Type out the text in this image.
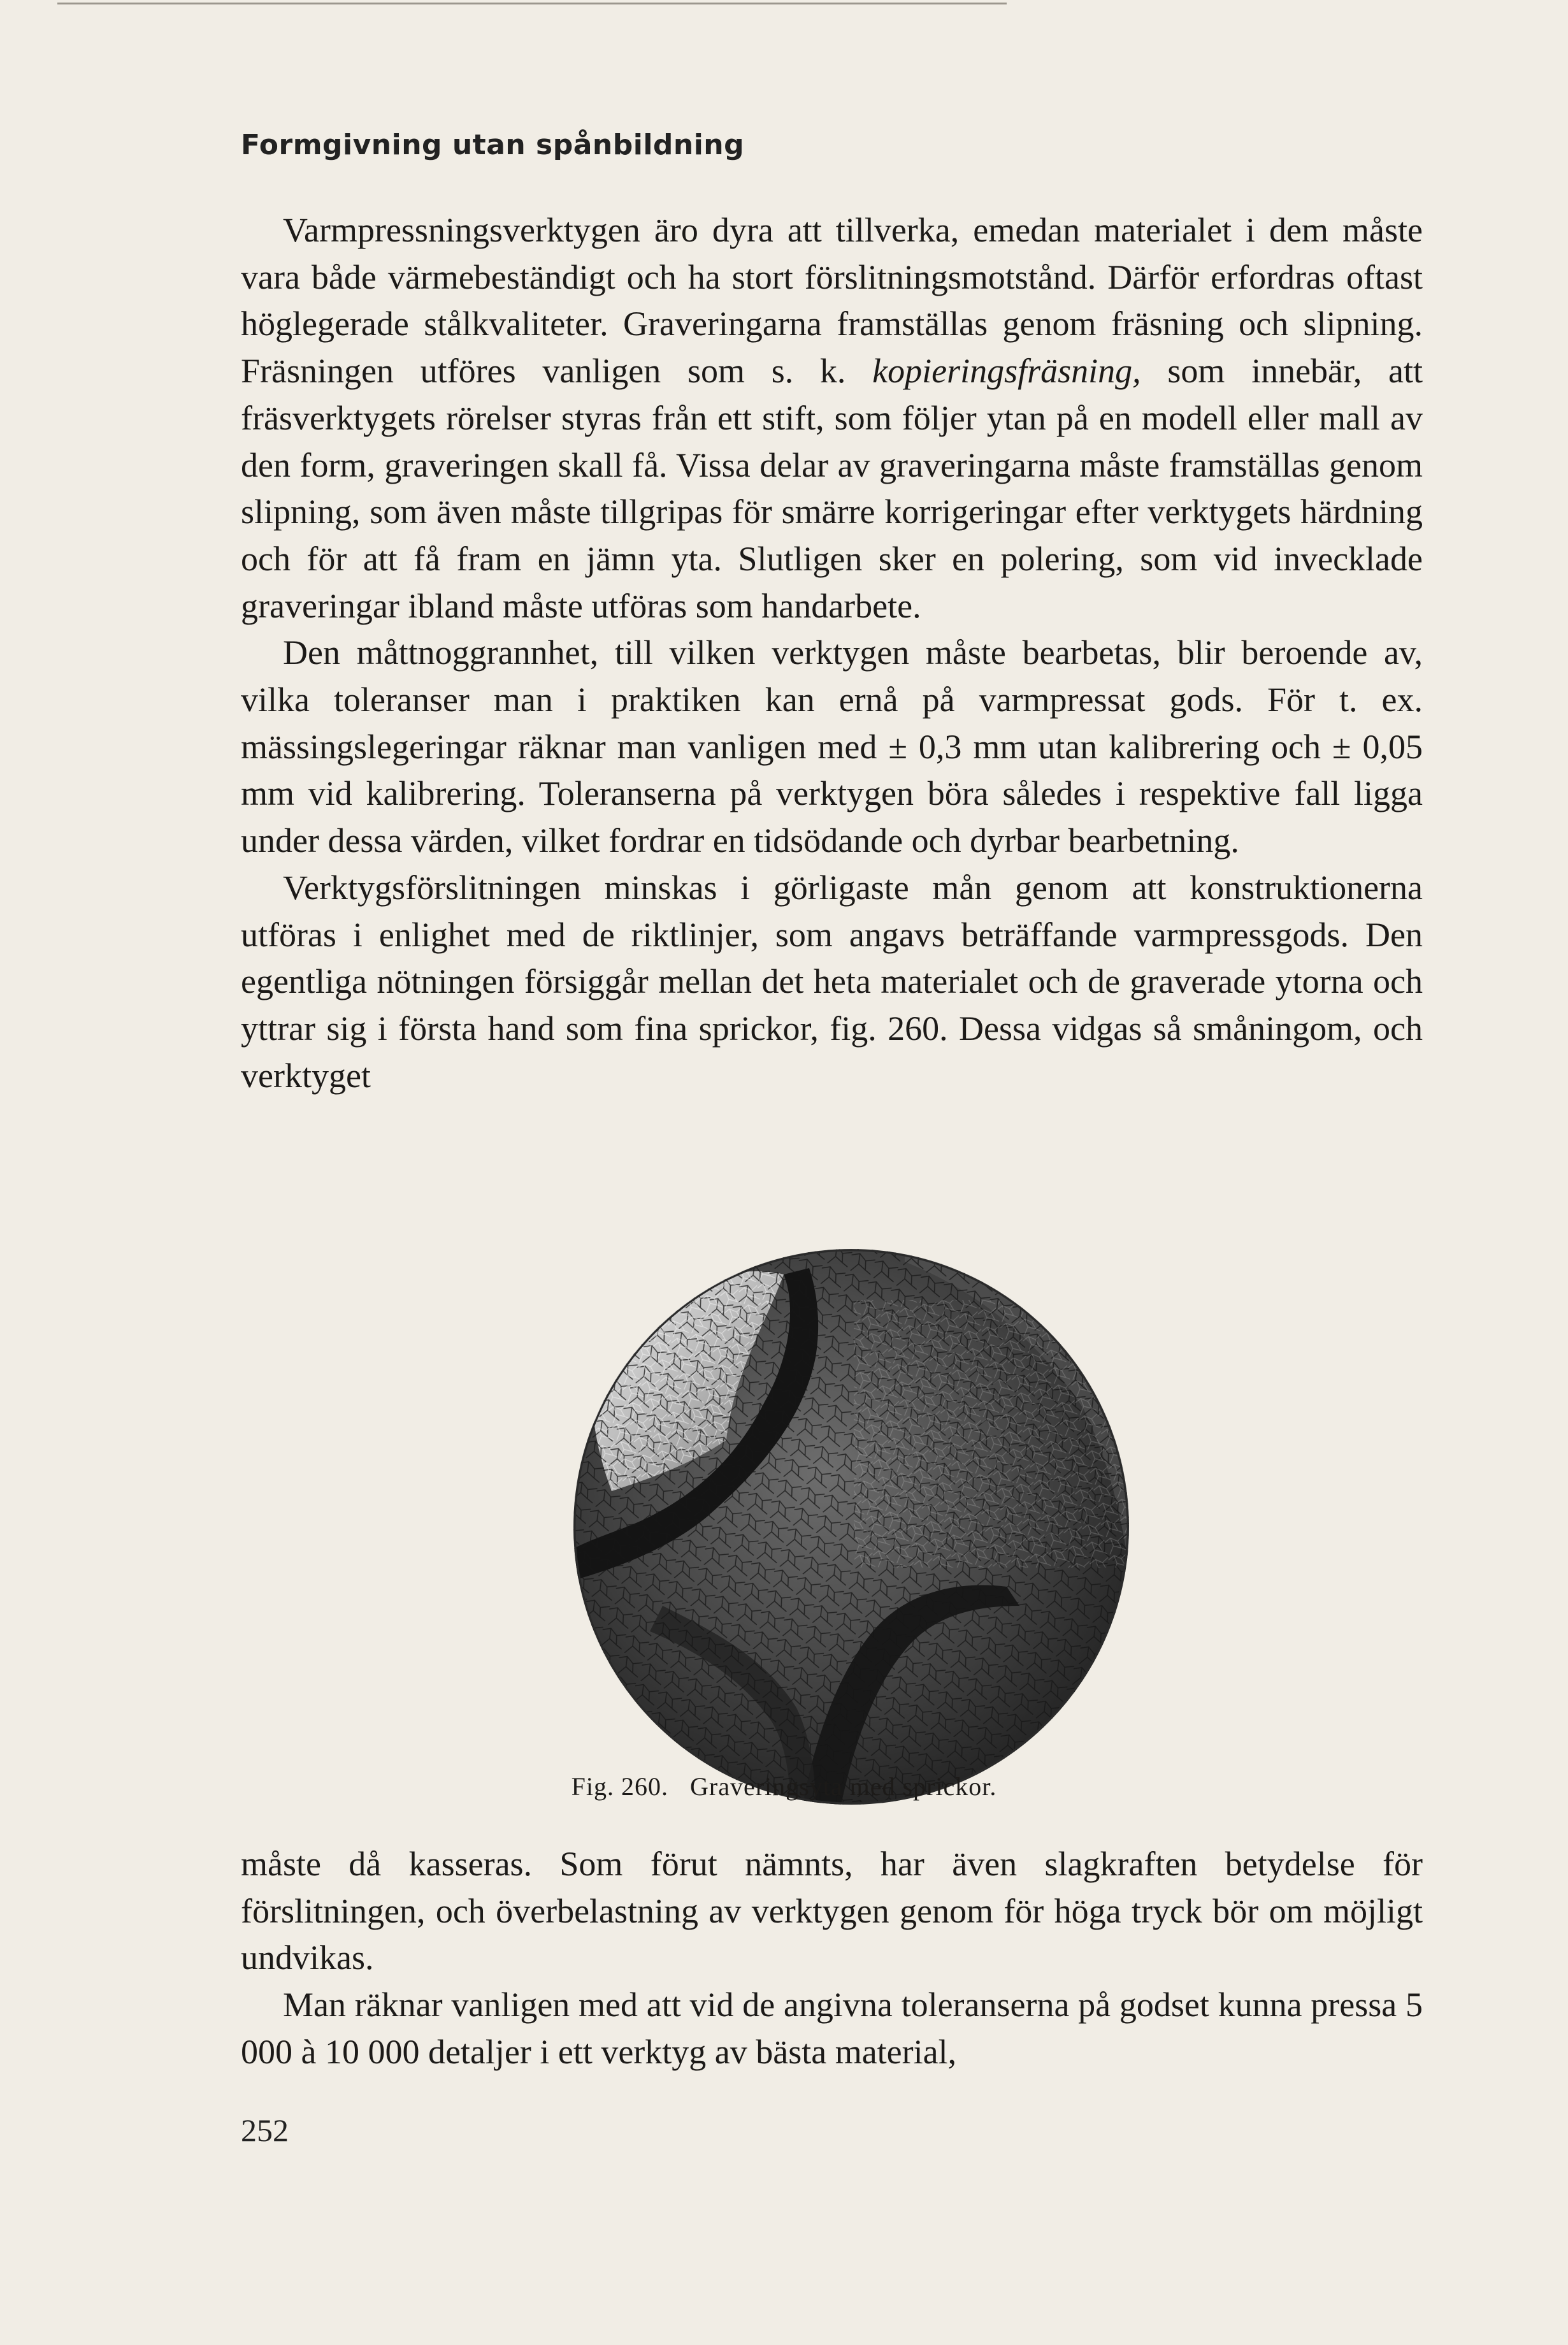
Formgivning utan spånbildning

Varmpressningsverktygen äro dyra att tillverka, emedan materialet i dem måste vara både värmebeständigt och ha stort förslitningsmotstånd. Därför erfordras oftast höglegerade stålkvaliteter. Graveringarna framställas genom fräsning och slipning. Fräsningen utföres vanligen som s. k. kopieringsfräsning, som innebär, att fräsverktygets rörelser styras från ett stift, som följer ytan på en modell eller mall av den form, graveringen skall få. Vissa delar av graveringarna måste framställas genom slipning, som även måste tillgripas för smärre korrigeringar efter verktygets härdning och för att få fram en jämn yta. Slutligen sker en polering, som vid invecklade graveringar ibland måste utföras som handarbete.

Den måttnoggrannhet, till vilken verktygen måste bearbetas, blir beroende av, vilka toleranser man i praktiken kan ernå på varmpressat gods. För t. ex. mässingslegeringar räknar man vanligen med ± 0,3 mm utan kalibrering och ± 0,05 mm vid kalibrering. Toleranserna på verktygen böra således i respektive fall ligga under dessa värden, vilket fordrar en tidsödande och dyrbar bearbetning.

Verktygsförslitningen minskas i görligaste mån genom att konstruktionerna utföras i enlighet med de riktlinjer, som angavs beträffande varmpressgods. Den egentliga nötningen försiggår mellan det heta materialet och de graverade ytorna och yttrar sig i första hand som fina sprickor, fig. 260. Dessa vidgas så småningom, och verktyget

Fig. 260. Graveringsyta med sprickor.

måste då kasseras. Som förut nämnts, har även slagkraften betydelse för förslitningen, och överbelastning av verktygen genom för höga tryck bör om möjligt undvikas.

Man räknar vanligen med att vid de angivna toleranserna på godset kunna pressa 5 000 à 10 000 detaljer i ett verktyg av bästa material,

252
